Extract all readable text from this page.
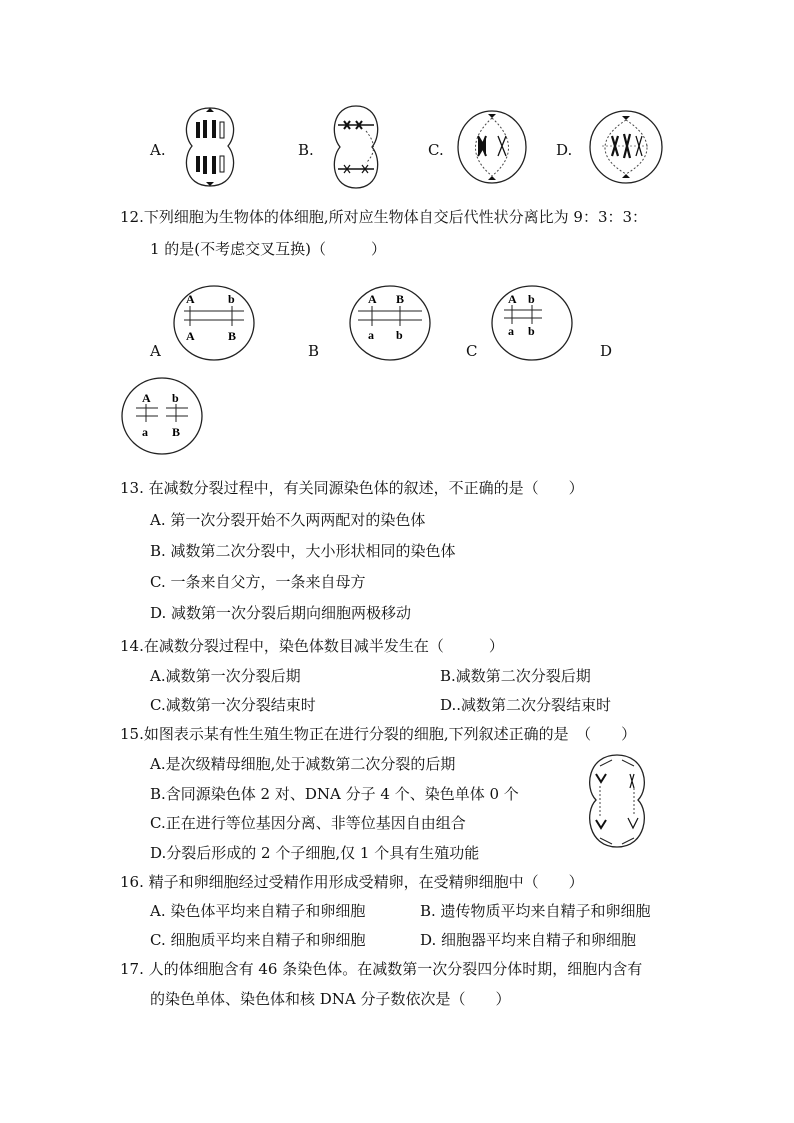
A.	B.	C.	D.
12.下列细胞为生物体的体细胞,所对应生物体自交后代性状分离比为 9：3：3：
1 的是(不考虑交叉互换)（　　　）
A	b
A	B
A B
a b
A b
a b
A	B	C	D
A b
a B
13. 在减数分裂过程中，有关同源染色体的叙述，不正确的是（　　）
A. 第一次分裂开始不久两两配对的染色体
B. 减数第二次分裂中，大小形状相同的染色体
C. 一条来自父方，一条来自母方
D. 减数第一次分裂后期向细胞两极移动
14.在减数分裂过程中，染色体数目减半发生在（　　　）
A.减数第一次分裂后期	B.减数第二次分裂后期
C.减数第一次分裂结束时	D..减数第二次分裂结束时
15.如图表示某有性生殖生物正在进行分裂的细胞,下列叙述正确的是　（　　）
A.是次级精母细胞,处于减数第二次分裂的后期
B.含同源染色体 2 对、DNA 分子 4 个、染色单体 0 个
C.正在进行等位基因分离、非等位基因自由组合
D.分裂后形成的 2 个子细胞,仅 1 个具有生殖功能
16. 精子和卵细胞经过受精作用形成受精卵，在受精卵细胞中（　　）
A. 染色体平均来自精子和卵细胞	B. 遗传物质平均来自精子和卵细胞
C. 细胞质平均来自精子和卵细胞	D. 细胞器平均来自精子和卵细胞
17. 人的体细胞含有 46 条染色体。在减数第一次分裂四分体时期，细胞内含有
的染色单体、染色体和核 DNA 分子数依次是（　　）
